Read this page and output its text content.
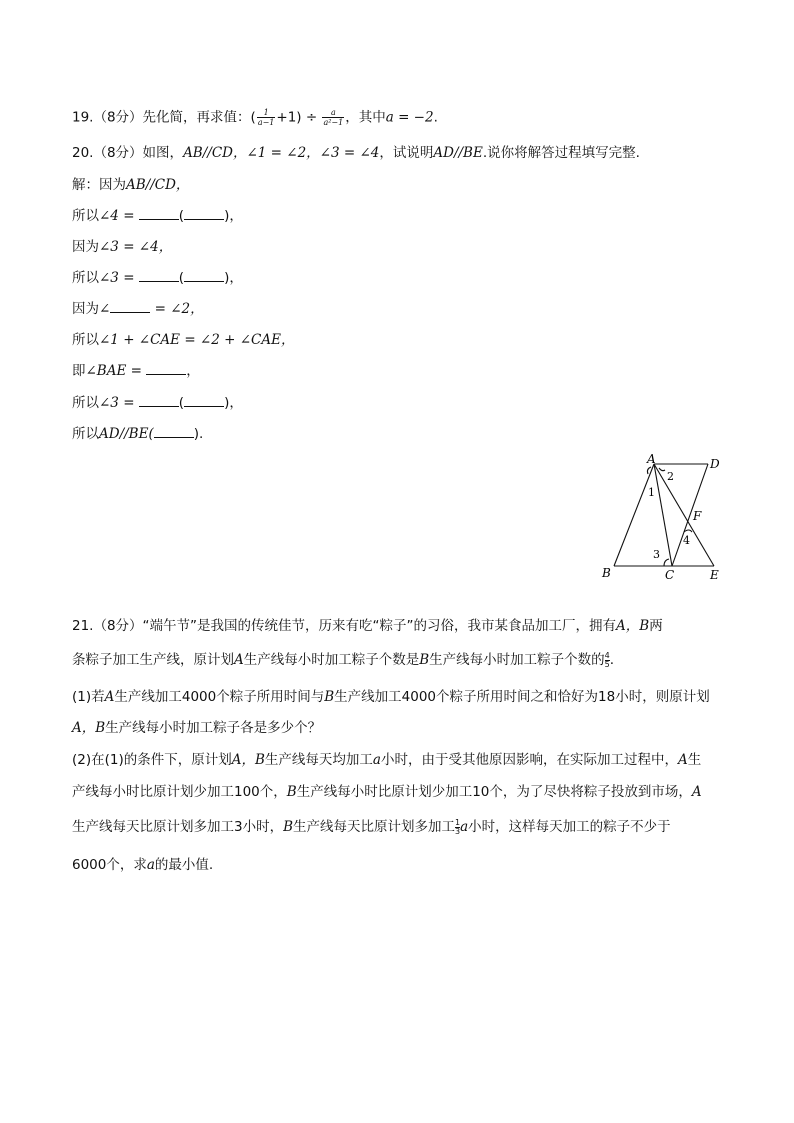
19.（8分）先化简，再求值：( $\frac{1}{a-1} +1) \div \frac{a}{\text{a²−1}}$ ，其中a = −2.
20.（8分）如图，AB//CD，∠1 = ∠2，∠3 = ∠4，试说明AD//BE.说你将解答过程填写完整.
解：因为AB//CD，
所以∠4 =	(	)，
因为∠3 = ∠4，
所以∠3 =	(	)，
因为∠	= ∠2，
所以∠1 + ∠CAE = ∠2 + ∠CAE，
即∠BAE =	，
所以∠3 =	(	)，
所以AD//BE(	).
A	D
B	C	E
F
1
2
3
4
21.（8分）“端午节”是我国的传统佳节，历来有吃“粽子”的习俗，我市某食品加工厂，拥有A，B两
条粽子加工生产线，原计划A生产线每小时加工粽子个数是B生产线每小时加工粽子个数的 $\frac{4}{5}$ .
(1)若A生产线加工4000个粽子所用时间与B生产线加工4000个粽子所用时间之和恰好为18小时，则原计划
A，B生产线每小时加工粽子各是多少个？
(2)在(1)的条件下，原计划A，B生产线每天均加工a小时，由于受其他原因影响，在实际加工过程中，A生
产线每小时比原计划少加工100个，B生产线每小时比原计划少加工10个，为了尽快将粽子投放到市场，A
生产线每天比原计划多加工3小时，B生产线每天比原计划多加工 $\frac{1}{3}$ a小时，这样每天加工的粽子不少于
6000个，求a的最小值.
